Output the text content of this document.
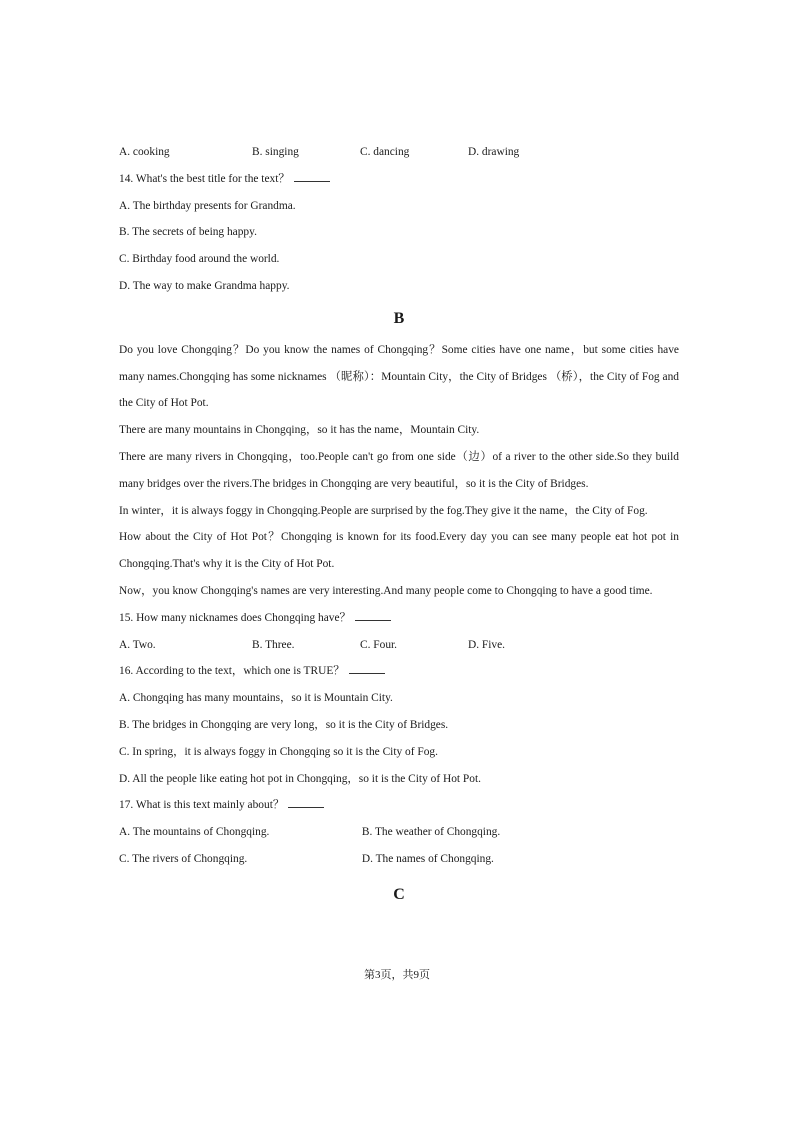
A. cooking	B. singing	C. dancing	D. drawing
14. What's the best title for the text？
A. The birthday presents for Grandma.
B. The secrets of being happy.
C. Birthday food around the world.
D. The way to make Grandma happy.
B
Do you love Chongqing？Do you know the names of Chongqing？Some cities have one name，but some cities have many names.Chongqing has some nicknames （昵称）：Mountain City，the City of Bridges （桥），the City of Fog and the City of Hot Pot.
There are many mountains in Chongqing，so it has the name，Mountain City.
There are many rivers in Chongqing，too.People can't go from one side（边）of a river to the other side.So they build many bridges over the rivers.The bridges in Chongqing are very beautiful，so it is the City of Bridges.
In winter，it is always foggy in Chongqing.People are surprised by the fog.They give it the name，the City of Fog.
How about the City of Hot Pot？Chongqing is known for its food.Every day you can see many people eat hot pot in Chongqing.That's why it is the City of Hot Pot.
Now，you know Chongqing's names are very interesting.And many people come to Chongqing to have a good time.
15. How many nicknames does Chongqing have？
A. Two.	B. Three.	C. Four.	D. Five.
16. According to the text，which one is TRUE？
A. Chongqing has many mountains，so it is Mountain City.
B. The bridges in Chongqing are very long，so it is the City of Bridges.
C. In spring，it is always foggy in Chongqing so it is the City of Fog.
D. All the people like eating hot pot in Chongqing，so it is the City of Hot Pot.
17. What is this text mainly about？
A. The mountains of Chongqing.	B. The weather of Chongqing.
C. The rivers of Chongqing.	D. The names of Chongqing.
C
第3页，共9页
